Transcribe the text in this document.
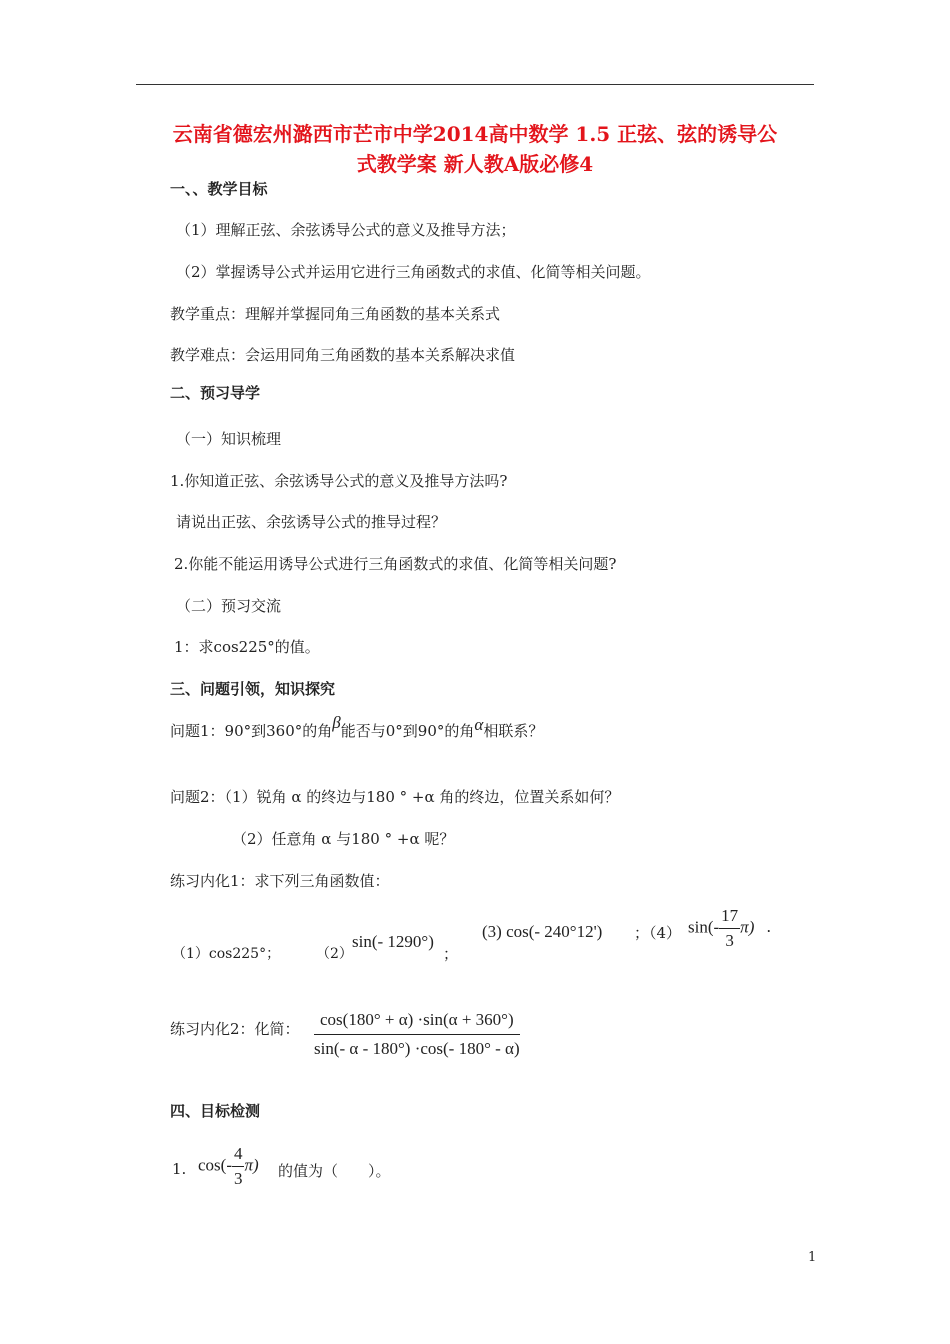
云南省德宏州潞西市芒市中学2014高中数学 1.5 正弦、弦的诱导公
式教学案 新人教A版必修4
一、、教学目标
（1）理解正弦、余弦诱导公式的意义及推导方法；
（2）掌握诱导公式并运用它进行三角函数式的求值、化简等相关问题。
教学重点：理解并掌握同角三角函数的基本关系式
教学难点：会运用同角三角函数的基本关系解决求值
二、预习导学
（一）知识梳理
1.你知道正弦、余弦诱导公式的意义及推导方法吗?
请说出正弦、余弦诱导公式的推导过程？
2.你能不能运用诱导公式进行三角函数式的求值、化简等相关问题?
（二）预习交流
1：求cos225°的值。
三、问题引领，知识探究
问题1：90°到360°的角β能否与0°到90°的角α相联系？
问题2：（1）锐角 α 的终边与180 ° +α 角的终边，位置关系如何？
（2）任意角 α 与180 ° +α 呢？
练习内化1：求下列三角函数值：
（1）cos225°；	（2）
sin(- 1290°)
；
(3) cos(- 240°12') ；（4） $\sin(- \frac{17}{3} \pi)$ .
练习内化2：化简： $\frac{\cos(180^\circ + \alpha) \cdot\sin(\alpha + 360^\circ)}{\sin(- \alpha - 180^\circ) \cdot\cos(- 180^\circ - \alpha)}$
四、目标检测
1. $\cos(- \frac{4}{3} \pi)$ 的值为（　　）。
1
